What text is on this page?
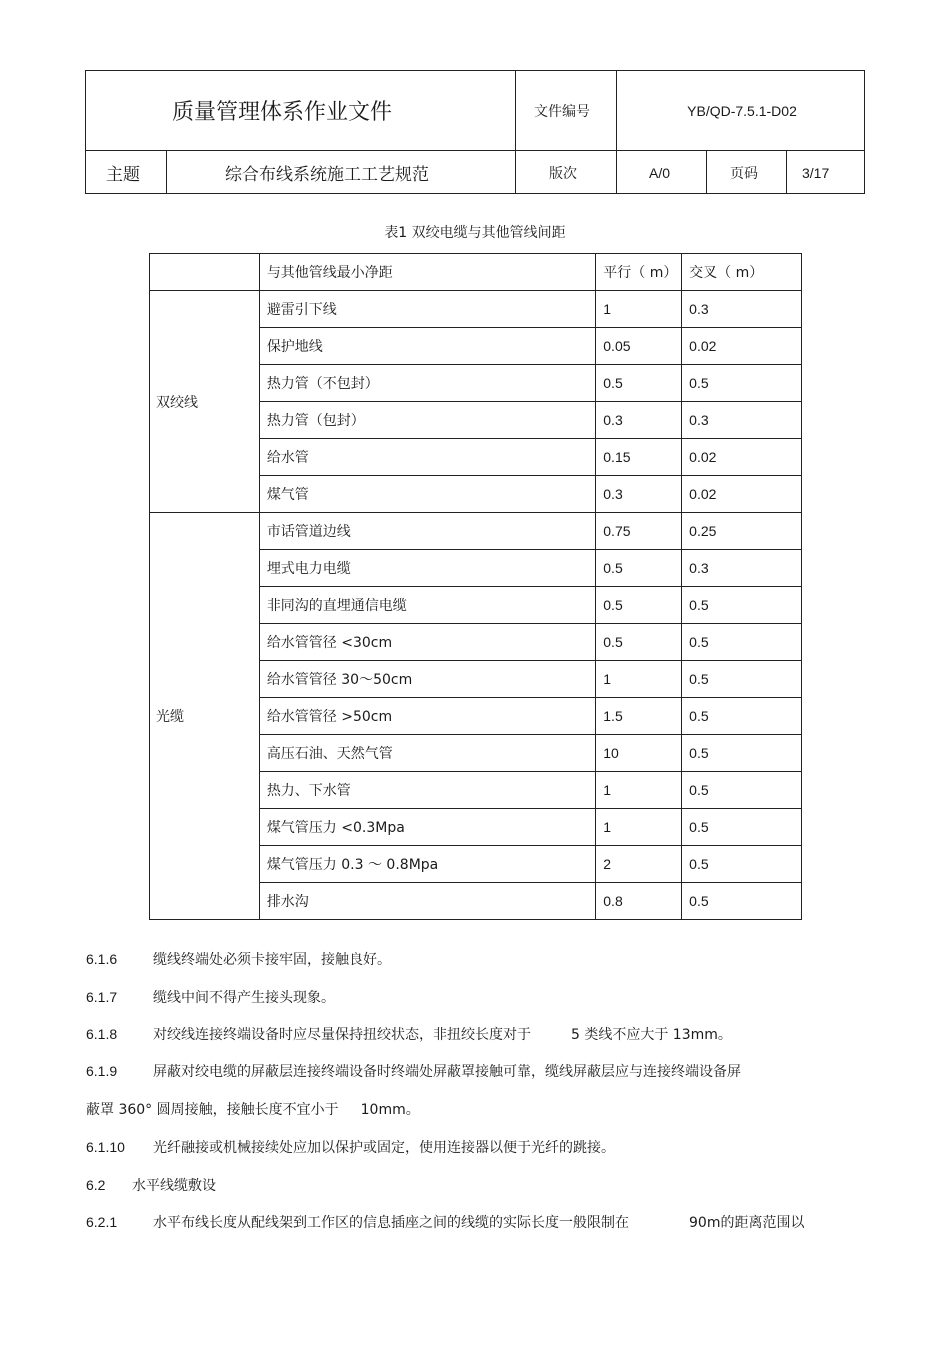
质量管理体系作业文件	文件编号	YB/QD-7.5.1-D02
主题	综合布线系统施工工艺规范	版次	A/0	页码	3/17
表1 双绞电缆与其他管线间距
	与其他管线最小净距	平行（ m）	交叉（ m）
双绞线	避雷引下线	1	0.3
	保护地线	0.05	0.02
	热力管（不包封）	0.5	0.5
	热力管（包封）	0.3	0.3
	给水管	0.15	0.02
	煤气管	0.3	0.02
光缆	市话管道边线	0.75	0.25
	埋式电力电缆	0.5	0.3
	非同沟的直埋通信电缆	0.5	0.5
	给水管管径 <30cm	0.5	0.5
	给水管管径 30～50cm	1	0.5
	给水管管径 >50cm	1.5	0.5
	高压石油、天然气管	10	0.5
	热力、下水管	1	0.5
	煤气管压力 <0.3Mpa	1	0.5
	煤气管压力 0.3 ～ 0.8Mpa	2	0.5
	排水沟	0.8	0.5
6.1.6	缆线终端处必须卡接牢固，接触良好。
6.1.7	缆线中间不得产生接头现象。
6.1.8	对绞线连接终端设备时应尽量保持扭绞状态，非扭绞长度对于	5 类线不应大于 13mm。
6.1.9	屏蔽对绞电缆的屏蔽层连接终端设备时终端处屏蔽罩接触可靠，缆线屏蔽层应与连接终端设备屏
蔽罩 360° 圆周接触，接触长度不宜小于 10mm。
6.1.10 光纤融接或机械接续处应加以保护或固定，使用连接器以便于光纤的跳接。
6.2 水平线缆敷设
6.2.1	水平布线长度从配线架到工作区的信息插座之间的线缆的实际长度一般限制在	90m的距离范围以
